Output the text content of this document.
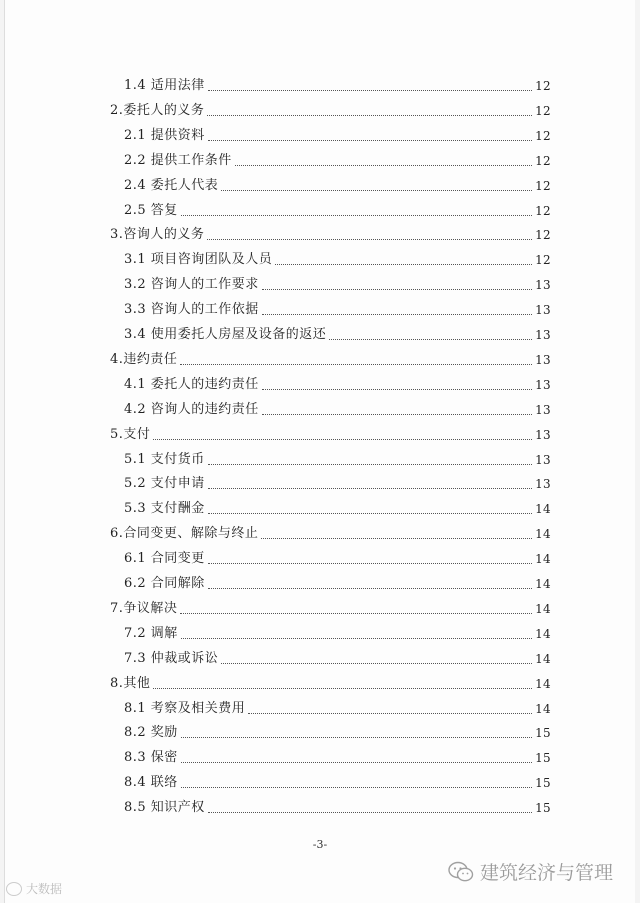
1.4 适用法律	12
2.委托人的义务	12
2.1 提供资料	12
2.2 提供工作条件	12
2.4 委托人代表	12
2.5 答复	12
3.咨询人的义务	12
3.1 项目咨询团队及人员	12
3.2 咨询人的工作要求	13
3.3 咨询人的工作依据	13
3.4 使用委托人房屋及设备的返还	13
4.违约责任	13
4.1 委托人的违约责任	13
4.2 咨询人的违约责任	13
5.支付	13
5.1 支付货币	13
5.2 支付申请	13
5.3 支付酬金	14
6.合同变更、解除与终止	14
6.1 合同变更	14
6.2 合同解除	14
7.争议解决	14
7.2 调解	14
7.3 仲裁或诉讼	14
8.其他	14
8.1 考察及相关费用	14
8.2 奖励	15
8.3 保密	15
8.4 联络	15
8.5 知识产权	15
-3-
大数据
建筑经济与管理
